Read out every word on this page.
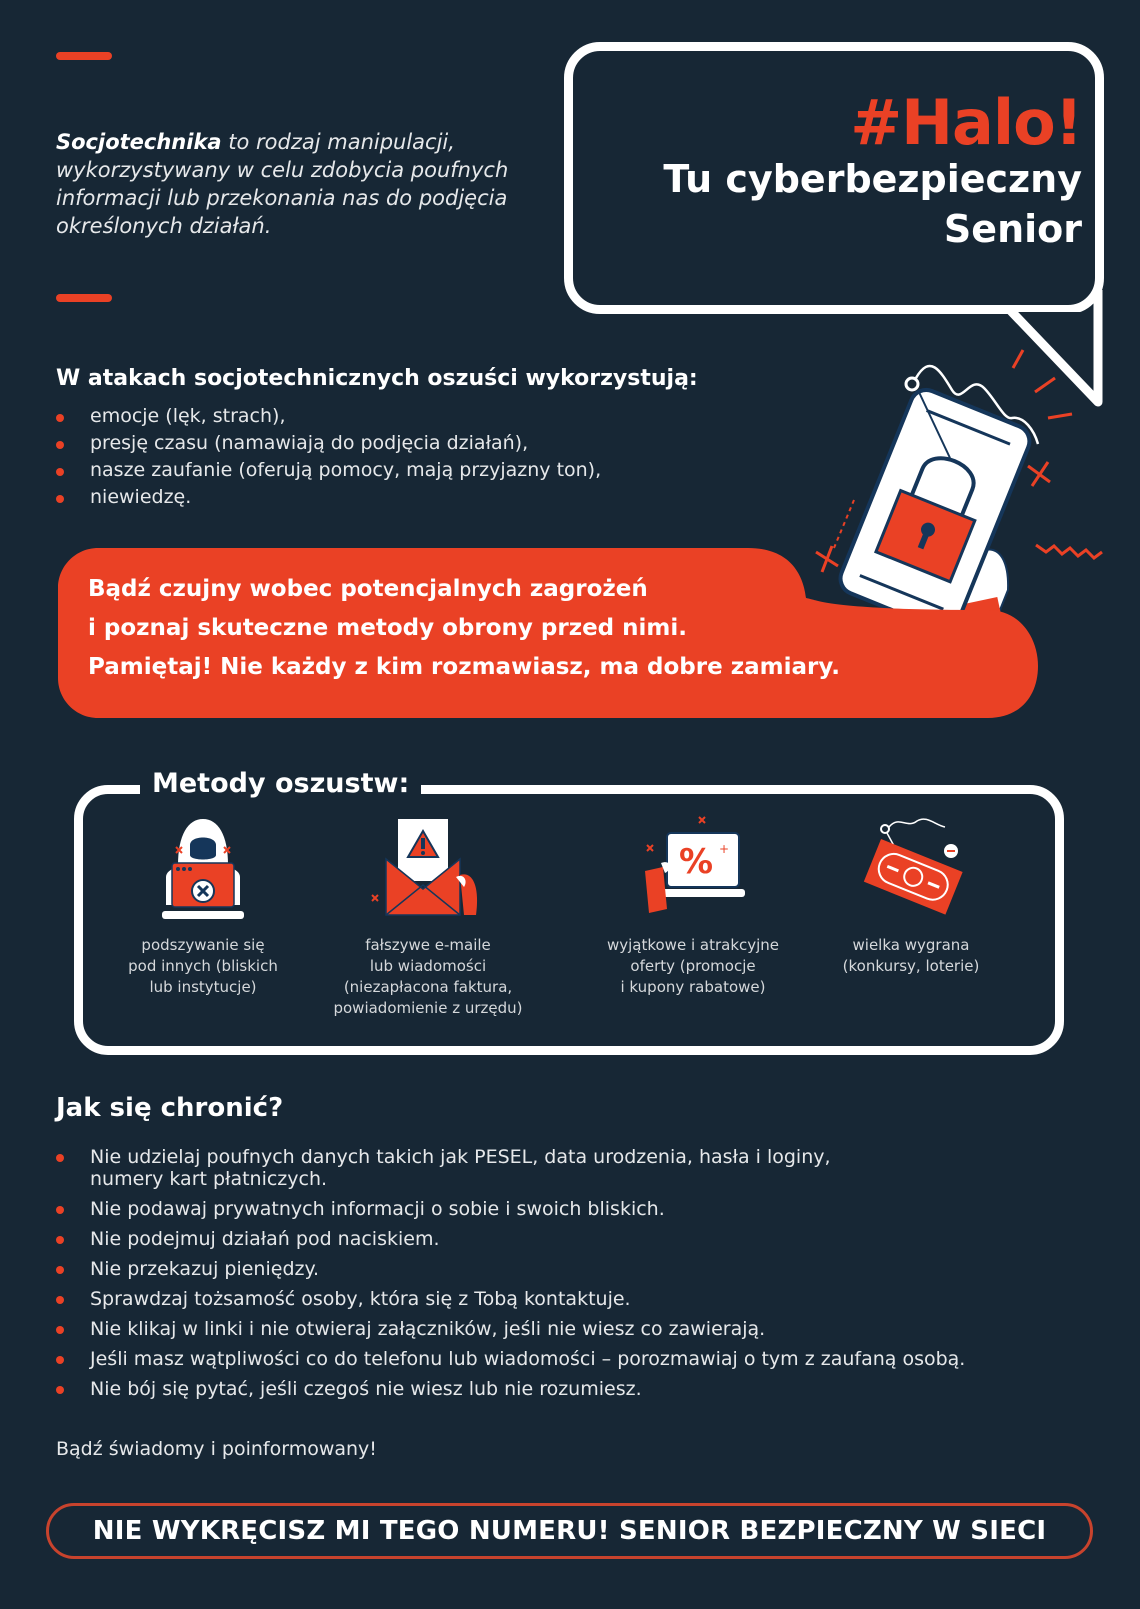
Socjotechnika to rodzaj manipulacji, wykorzystywany w celu zdobycia poufnych informacji lub przekonania nas do podjęcia określonych działań.

#Halo!
Tu cyberbezpieczny
Senior
W atakach socjotechnicznych oszuści wykorzystują:
emocje (lęk, strach),
presję czasu (namawiają do podjęcia działań),
nasze zaufanie (oferują pomocy, mają przyjazny ton),
niewiedzę.
Bądź czujny wobec potencjalnych zagrożeń
i poznaj skuteczne metody obrony przed nimi.
Pamiętaj! Nie każdy z kim rozmawiasz, ma dobre zamiary.
Metody oszustw:
podszywanie się
pod innych (bliskich
lub instytucje)
fałszywe e-maile
lub wiadomości
(niezapłacona faktura,
powiadomienie z urzędu)
% +
wyjątkowe i atrakcyjne
oferty (promocje
i kupony rabatowe)
wielka wygrana
(konkursy, loterie)
Jak się chronić?
Nie udzielaj poufnych danych takich jak PESEL, data urodzenia, hasła i loginy,
numery kart płatniczych.
Nie podawaj prywatnych informacji o sobie i swoich bliskich.
Nie podejmuj działań pod naciskiem.
Nie przekazuj pieniędzy.
Sprawdzaj tożsamość osoby, która się z Tobą kontaktuje.
Nie klikaj w linki i nie otwieraj załączników, jeśli nie wiesz co zawierają.
Jeśli masz wątpliwości co do telefonu lub wiadomości – porozmawiaj o tym z zaufaną osobą.
Nie bój się pytać, jeśli czegoś nie wiesz lub nie rozumiesz.

Bądź świadomy i poinformowany!

NIE WYKRĘCISZ MI TEGO NUMERU! SENIOR BEZPIECZNY W SIECI
